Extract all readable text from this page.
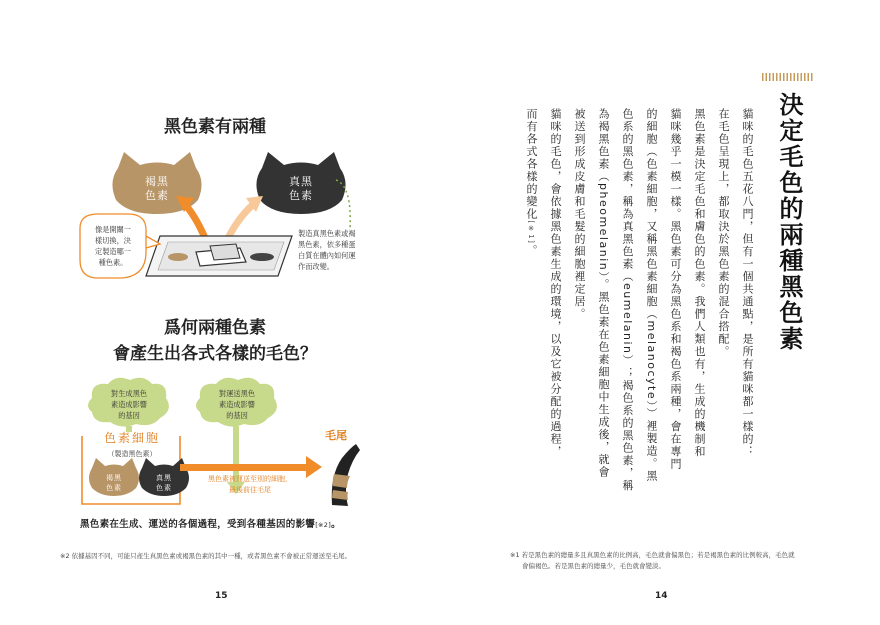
黑色素有兩種
褐黑
色素
真黑
色素
像是開關一
樣切換，決
定製造哪一
種色素。
製造真黑色素或褐
黑色素，依多種蛋
白質在體內如何運
作而改變。
爲何兩種色素
會產生出各式各樣的毛色？
對生成黑色
素造成影響
的基因
對運送黑色
素造成影響
的基因
色素細胞
（製造黑色素）
褐黑
色素
真黑
色素
黑色素被運送至別的細胞，
最後前往毛尾
毛尾
黑色素在生成、運送的各個過程，受到各種基因的影響[※2]。
※2 依據基因不同，可能只產生真黑色素或褐黑色素的其中一種，或者黑色素不會被正常運送至毛尾。
15
決定毛色的兩種黑色素
貓咪的毛色五花八門，但有一個共通點，是所有貓咪都一樣的：
在毛色呈現上，都取決於黑色素的混合搭配。
黑色素是決定毛色和膚色的色素。我們人類也有，生成的機制和
貓咪幾乎一模一樣。黑色素可分為黑色系和褐色系兩種，會在專門
的細胞（色素細胞，又稱黑色素細胞（melanocyte））裡製造。黑
色系的黑色素，稱為真黑色素（eumelanin）；褐色系的黑色素，稱
為褐黑色素（pheomelanin）。黑色素在色素細胞中生成後，就會
被送到形成皮膚和毛髮的細胞裡定居。
貓咪的毛色，會依據黑色素生成的環境，以及它被分配的過程，
而有各式各樣的變化[※1]。
※1 若是黑色素的總量多且真黑色素的比例高，毛色就會偏黑色；若是褐黑色素的比例較高，毛色就
會偏褐色。若是黑色素的總量少，毛色就會變淡。
14
